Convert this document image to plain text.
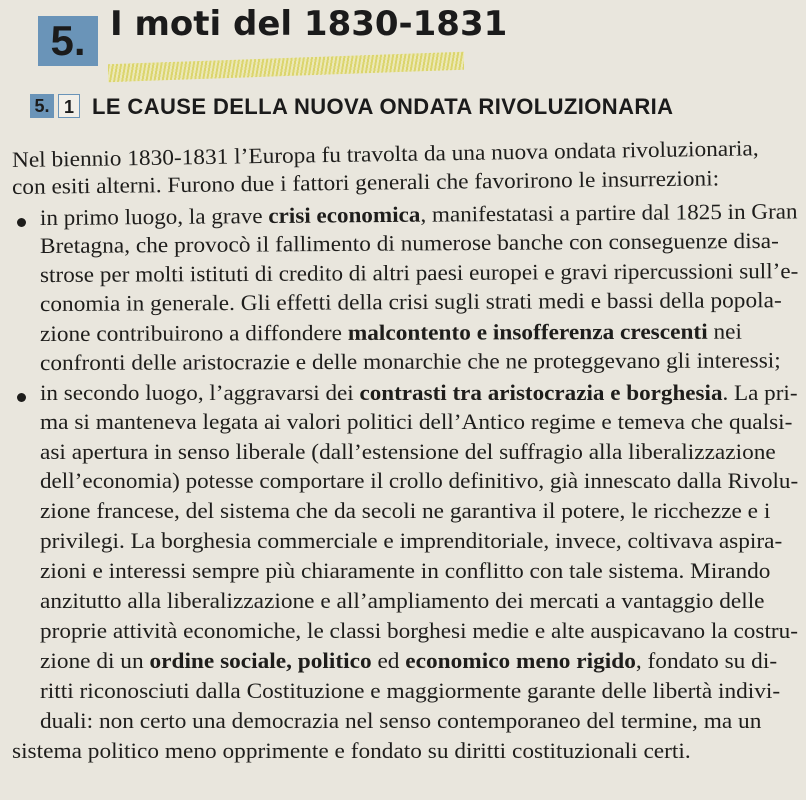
5. I moti del 1830-1831
5. 1 LE CAUSE DELLA NUOVA ONDATA RIVOLUZIONARIA
Nel biennio 1830-1831 l’Europa fu travolta da una nuova ondata rivoluzionaria,
con esiti alterni. Furono due i fattori generali che favorirono le insurrezioni:
in primo luogo, la grave crisi economica, manifestatasi a partire dal 1825 in Gran
Bretagna, che provocò il fallimento di numerose banche con conseguenze disa-
strose per molti istituti di credito di altri paesi europei e gravi ripercussioni sull’e-
conomia in generale. Gli effetti della crisi sugli strati medi e bassi della popola-
zione contribuirono a diffondere malcontento e insofferenza crescenti nei
confronti delle aristocrazie e delle monarchie che ne proteggevano gli interessi;
in secondo luogo, l’aggravarsi dei contrasti tra aristocrazia e borghesia. La pri-
ma si manteneva legata ai valori politici dell’Antico regime e temeva che qualsi-
asi apertura in senso liberale (dall’estensione del suffragio alla liberalizzazione
dell’economia) potesse comportare il crollo definitivo, già innescato dalla Rivolu-
zione francese, del sistema che da secoli ne garantiva il potere, le ricchezze e i
privilegi. La borghesia commerciale e imprenditoriale, invece, coltivava aspira-
zioni e interessi sempre più chiaramente in conflitto con tale sistema. Mirando
anzitutto alla liberalizzazione e all’ampliamento dei mercati a vantaggio delle
proprie attività economiche, le classi borghesi medie e alte auspicavano la costru-
zione di un ordine sociale, politico ed economico meno rigido, fondato su di-
ritti riconosciuti dalla Costituzione e maggiormente garante delle libertà indivi-
duali: non certo una democrazia nel senso contemporaneo del termine, ma un
sistema politico meno opprimente e fondato su diritti costituzionali certi.
